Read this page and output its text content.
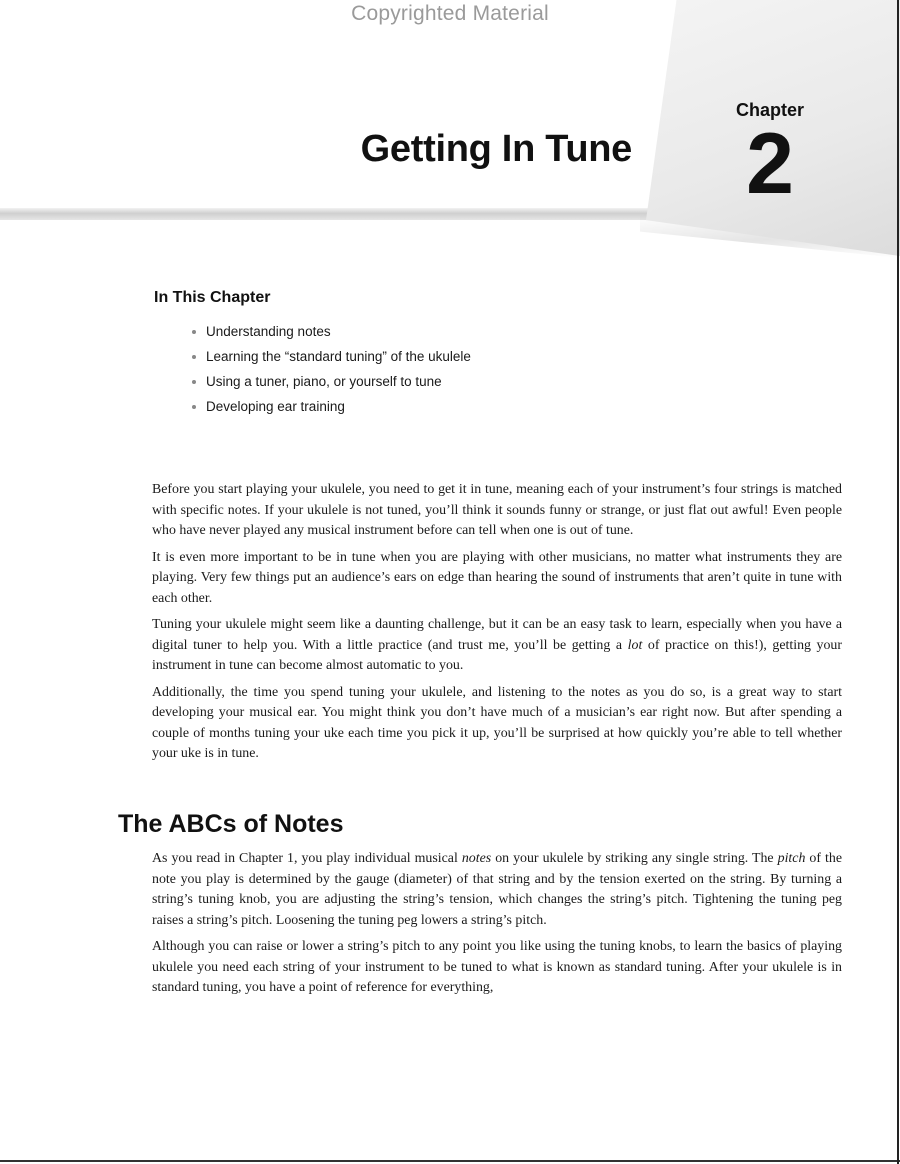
Copyrighted Material
Chapter
2
Getting In Tune
In This Chapter
Understanding notes
Learning the “standard tuning” of the ukulele
Using a tuner, piano, or yourself to tune
Developing ear training

Before you start playing your ukulele, you need to get it in tune, meaning each of your instrument’s four strings is matched with specific notes. If your ukulele is not tuned, you’ll think it sounds funny or strange, or just flat out awful! Even people who have never played any musical instrument before can tell when one is out of tune.

It is even more important to be in tune when you are playing with other musicians, no matter what instruments they are playing. Very few things put an audience’s ears on edge than hearing the sound of instruments that aren’t quite in tune with each other.

Tuning your ukulele might seem like a daunting challenge, but it can be an easy task to learn, especially when you have a digital tuner to help you. With a little practice (and trust me, you’ll be getting a lot of practice on this!), getting your instrument in tune can become almost automatic to you.

Additionally, the time you spend tuning your ukulele, and listening to the notes as you do so, is a great way to start developing your musical ear. You might think you don’t have much of a musician’s ear right now. But after spending a couple of months tuning your uke each time you pick it up, you’ll be surprised at how quickly you’re able to tell whether your uke is in tune.

The ABCs of Notes

As you read in Chapter 1, you play individual musical notes on your ukulele by striking any single string. The pitch of the note you play is determined by the gauge (diameter) of that string and by the tension exerted on the string. By turning a string’s tuning knob, you are adjusting the string’s tension, which changes the string’s pitch. Tightening the tuning peg raises a string’s pitch. Loosening the tuning peg lowers a string’s pitch.

Although you can raise or lower a string’s pitch to any point you like using the tuning knobs, to learn the basics of playing ukulele you need each string of your instrument to be tuned to what is known as standard tuning. After your ukulele is in standard tuning, you have a point of reference for everything,
